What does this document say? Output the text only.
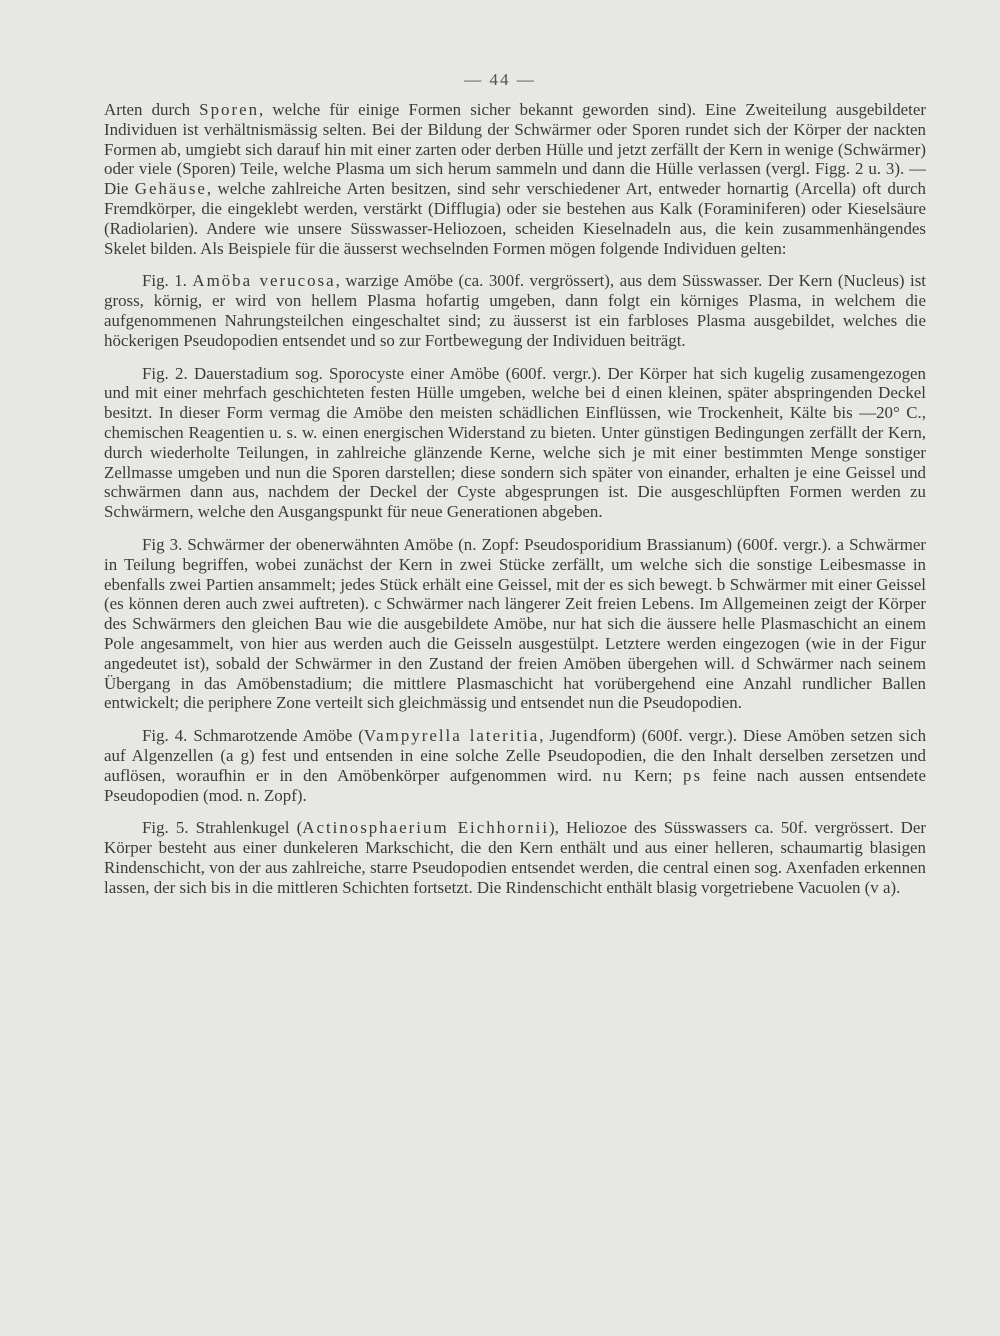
— 44 —

Arten durch Sporen, welche für einige Formen sicher bekannt geworden sind). Eine Zweiteilung ausgebildeter Individuen ist verhältnismässig selten. Bei der Bildung der Schwärmer oder Sporen rundet sich der Körper der nackten Formen ab, umgiebt sich darauf hin mit einer zarten oder derben Hülle und jetzt zerfällt der Kern in wenige (Schwärmer) oder viele (Sporen) Teile, welche Plasma um sich herum sammeln und dann die Hülle verlassen (vergl. Figg. 2 u. 3). — Die Gehäuse, welche zahlreiche Arten besitzen, sind sehr verschiedener Art, entweder hornartig (Arcella) oft durch Fremdkörper, die eingeklebt werden, verstärkt (Difflugia) oder sie bestehen aus Kalk (Foraminiferen) oder Kieselsäure (Radiolarien). Andere wie unsere Süsswasser-Heliozoen, scheiden Kieselnadeln aus, die kein zusammenhängendes Skelet bilden. Als Beispiele für die äusserst wechselnden Formen mögen folgende Individuen gelten:

Fig. 1. Amöba verucosa, warzige Amöbe (ca. 300f. vergrössert), aus dem Süsswasser. Der Kern (Nucleus) ist gross, körnig, er wird von hellem Plasma hofartig umgeben, dann folgt ein körniges Plasma, in welchem die aufgenommenen Nahrungsteilchen eingeschaltet sind; zu äusserst ist ein farbloses Plasma ausgebildet, welches die höckerigen Pseudopodien entsendet und so zur Fortbewegung der Individuen beiträgt.

Fig. 2. Dauerstadium sog. Sporocyste einer Amöbe (600f. vergr.). Der Körper hat sich kugelig zusamengezogen und mit einer mehrfach geschichteten festen Hülle umgeben, welche bei d einen kleinen, später abspringenden Deckel besitzt. In dieser Form vermag die Amöbe den meisten schädlichen Einflüssen, wie Trockenheit, Kälte bis —20° C., chemischen Reagentien u. s. w. einen energischen Widerstand zu bieten. Unter günstigen Bedingungen zerfällt der Kern, durch wiederholte Teilungen, in zahlreiche glänzende Kerne, welche sich je mit einer bestimmten Menge sonstiger Zellmasse umgeben und nun die Sporen darstellen; diese sondern sich später von einander, erhalten je eine Geissel und schwärmen dann aus, nachdem der Deckel der Cyste abgesprungen ist. Die ausgeschlüpften Formen werden zu Schwärmern, welche den Ausgangspunkt für neue Generationen abgeben.

Fig 3. Schwärmer der obenerwähnten Amöbe (n. Zopf: Pseudosporidium Brassianum) (600f. vergr.). a Schwärmer in Teilung begriffen, wobei zunächst der Kern in zwei Stücke zerfällt, um welche sich die sonstige Leibesmasse in ebenfalls zwei Partien ansammelt; jedes Stück erhält eine Geissel, mit der es sich bewegt. b Schwärmer mit einer Geissel (es können deren auch zwei auftreten). c Schwärmer nach längerer Zeit freien Lebens. Im Allgemeinen zeigt der Körper des Schwärmers den gleichen Bau wie die ausgebildete Amöbe, nur hat sich die äussere helle Plasmaschicht an einem Pole angesammelt, von hier aus werden auch die Geisseln ausgestülpt. Letztere werden eingezogen (wie in der Figur angedeutet ist), sobald der Schwärmer in den Zustand der freien Amöben übergehen will. d Schwärmer nach seinem Übergang in das Amöbenstadium; die mittlere Plasmaschicht hat vorübergehend eine Anzahl rundlicher Ballen entwickelt; die periphere Zone verteilt sich gleichmässig und entsendet nun die Pseudopodien.

Fig. 4. Schmarotzende Amöbe (Vampyrella lateritia, Jugendform) (600f. vergr.). Diese Amöben setzen sich auf Algenzellen (a g) fest und entsenden in eine solche Zelle Pseudopodien, die den Inhalt derselben zersetzen und auflösen, woraufhin er in den Amöbenkörper aufgenommen wird. nu Kern; ps feine nach aussen entsendete Pseudopodien (mod. n. Zopf).

Fig. 5. Strahlenkugel (Actinosphaerium Eichhornii), Heliozoe des Süsswassers ca. 50f. vergrössert. Der Körper besteht aus einer dunkeleren Markschicht, die den Kern enthält und aus einer helleren, schaumartig blasigen Rindenschicht, von der aus zahlreiche, starre Pseudopodien entsendet werden, die central einen sog. Axenfaden erkennen lassen, der sich bis in die mittleren Schichten fortsetzt. Die Rindenschicht enthält blasig vorgetriebene Vacuolen (v a).
